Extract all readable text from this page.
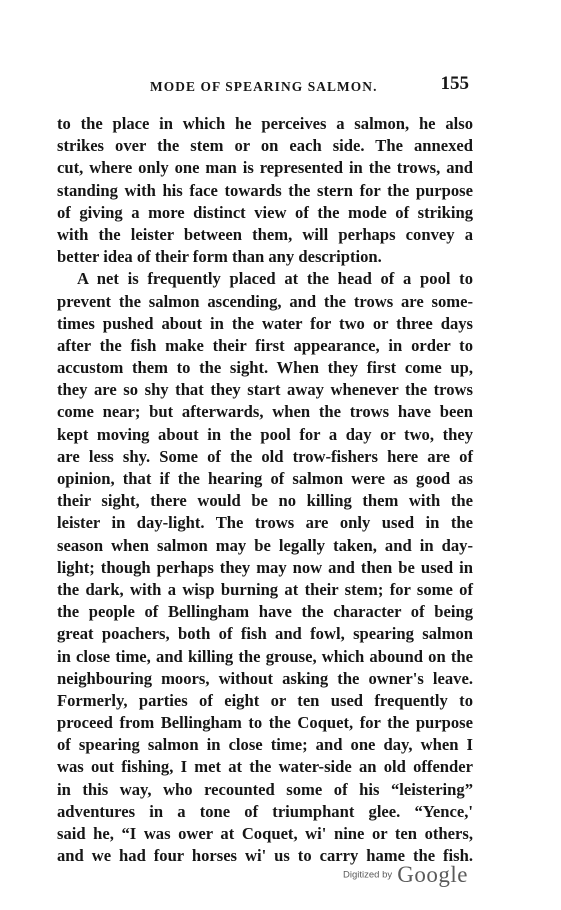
MODE OF SPEARING SALMON.	155
to the place in which he perceives a salmon, he also
strikes over the stem or on each side. The annexed
cut, where only one man is represented in the trows, and
standing with his face towards the stern for the purpose
of giving a more distinct view of the mode of striking
with the leister between them, will perhaps convey a
better idea of their form than any description.
A net is frequently placed at the head of a pool to
prevent the salmon ascending, and the trows are some-
times pushed about in the water for two or three days
after the fish make their first appearance, in order to
accustom them to the sight. When they first come up,
they are so shy that they start away whenever the trows
come near; but afterwards, when the trows have been
kept moving about in the pool for a day or two, they
are less shy. Some of the old trow-fishers here are of
opinion, that if the hearing of salmon were as good as
their sight, there would be no killing them with the
leister in day-light. The trows are only used in the
season when salmon may be legally taken, and in day-
light; though perhaps they may now and then be used in
the dark, with a wisp burning at their stem; for some of
the people of Bellingham have the character of being
great poachers, both of fish and fowl, spearing salmon
in close time, and killing the grouse, which abound on the
neighbouring moors, without asking the owner's leave.
Formerly, parties of eight or ten used frequently to
proceed from Bellingham to the Coquet, for the purpose
of spearing salmon in close time; and one day, when I
was out fishing, I met at the water-side an old offender
in this way, who recounted some of his “leistering”
adventures in a tone of triumphant glee. “Yence,'
said he, “I was ower at Coquet, wi' nine or ten others,
and we had four horses wi' us to carry hame the fish.
Digitized by Google
